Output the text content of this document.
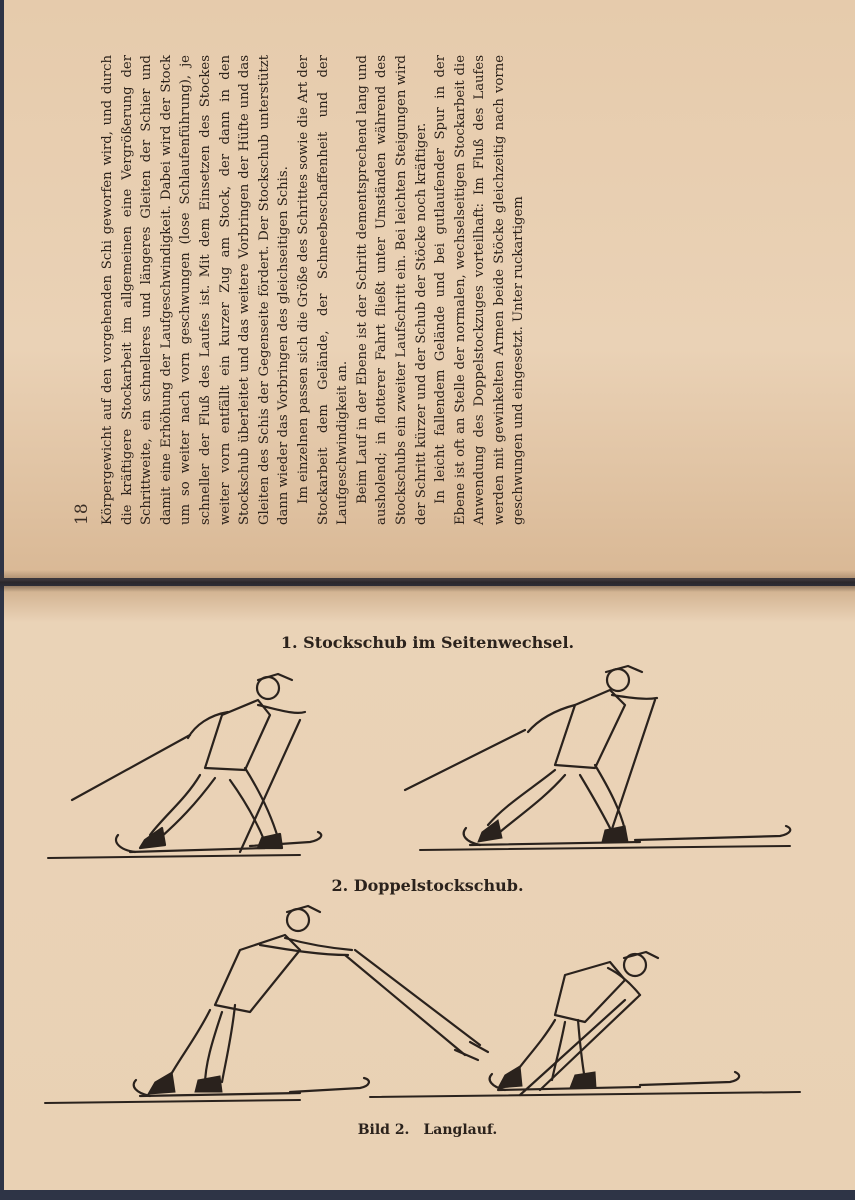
18 Körpergewicht auf den vorgehenden Schi geworfen wird, und durch die kräftigere Stockarbeit im allgemeinen eine Vergrößerung der Schrittweite, ein schnelleres und längeres Gleiten der Schier und damit eine Erhöhung der Laufgeschwindigkeit. Dabei wird der Stock um so weiter nach vorn geschwungen (lose Schlaufenführung), je schneller der Fluß des Laufes ist. Mit dem Einsetzen des Stockes weiter vorn entfällt ein kurzer Zug am Stock, der dann in den Stockschub überleitet und das weitere Vorbringen der Hüfte und das Gleiten des Schis der Gegenseite fördert. Der Stockschub unterstützt dann wieder das Vorbringen des gleichseitigen Schis. Im einzelnen passen sich die Größe des Schrittes sowie die Art der Stockarbeit dem Gelände, der Schneebeschaffenheit und der Laufgeschwindigkeit an. Beim Lauf in der Ebene ist der Schritt dementsprechend lang und ausholend; in flotterer Fahrt fließt unter Umständen während des Stockschubs ein zweiter Laufschritt ein. Bei leichten Steigungen wird der Schritt kürzer und der Schub der Stöcke noch kräftiger. In leicht fallendem Gelände und bei gutlaufender Spur in der Ebene ist oft an Stelle der normalen, wechselseitigen Stockarbeit die Anwendung des Doppelstockzuges vorteilhaft: Im Fluß des Laufes werden mit gewinkelten Armen beide Stöcke gleichzeitig nach vorne geschwungen und eingesetzt. Unter ruckartigem

1. Stockschub im Seitenwechsel.
2. Doppelstockschub.
Bild 2. Langlauf.
